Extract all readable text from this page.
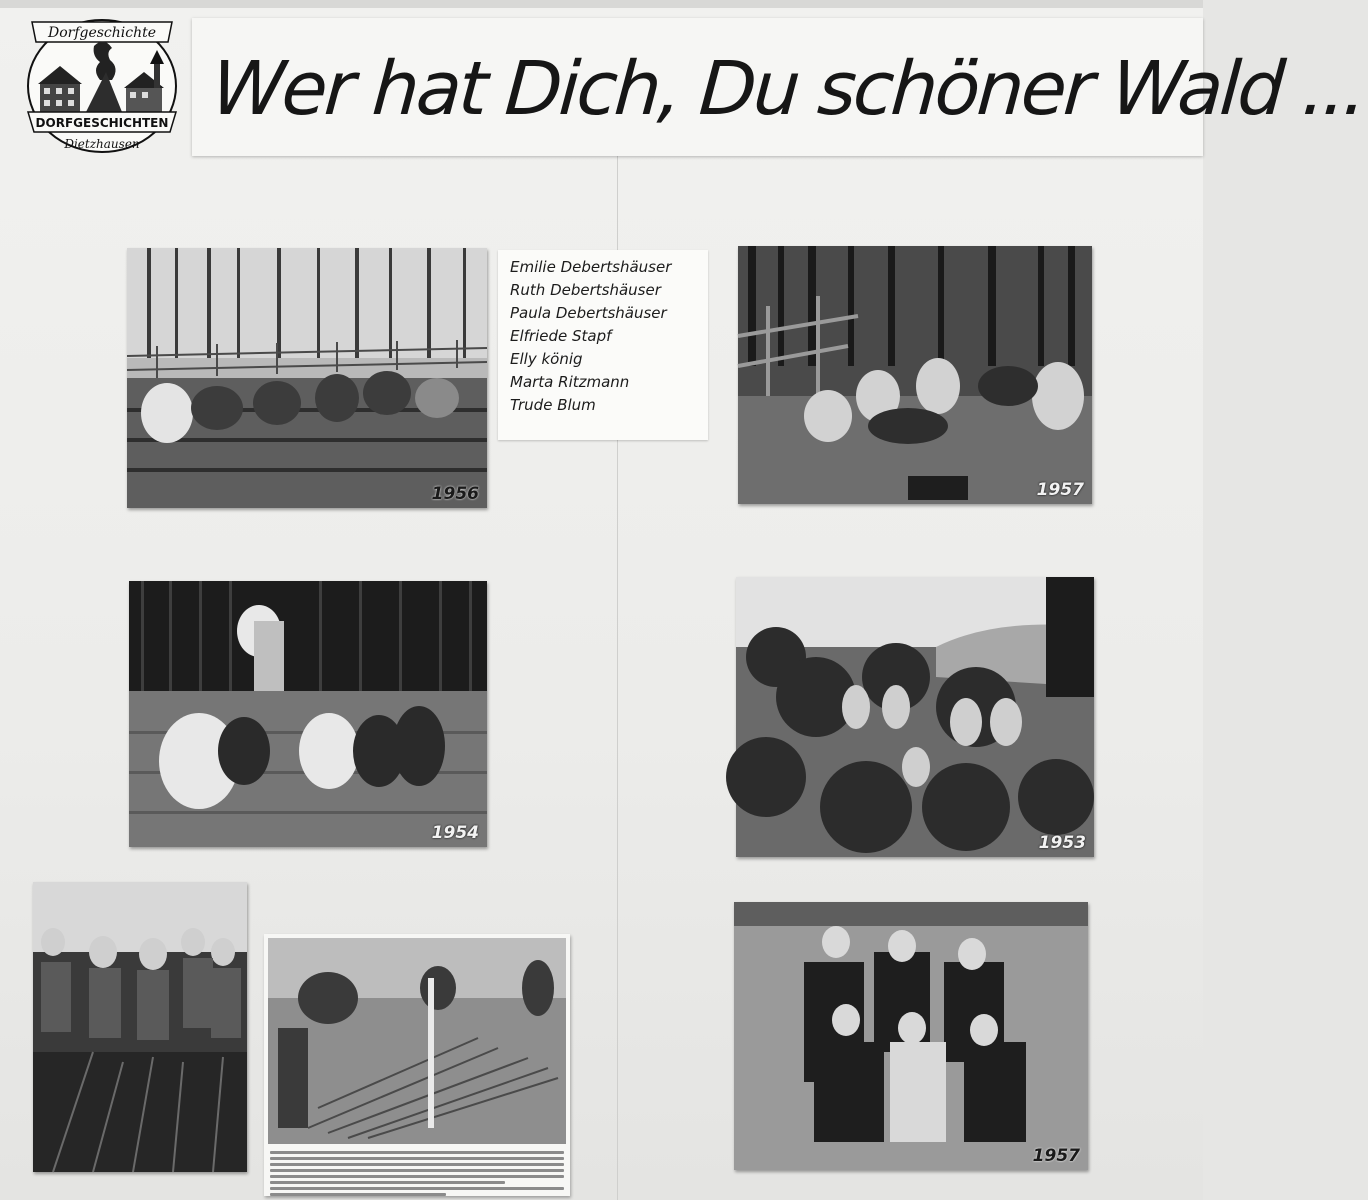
Dorfgeschichte
DORFGESCHICHTEN
Dietzhausen
Wer hat Dich, Du schöner Wald ...
1956
Emilie Debertshäuser
Ruth Debertshäuser
Paula Debertshäuser
Elfriede Stapf
Elly könig
Marta Ritzmann
Trude Blum
1957
1954	1953
1957
